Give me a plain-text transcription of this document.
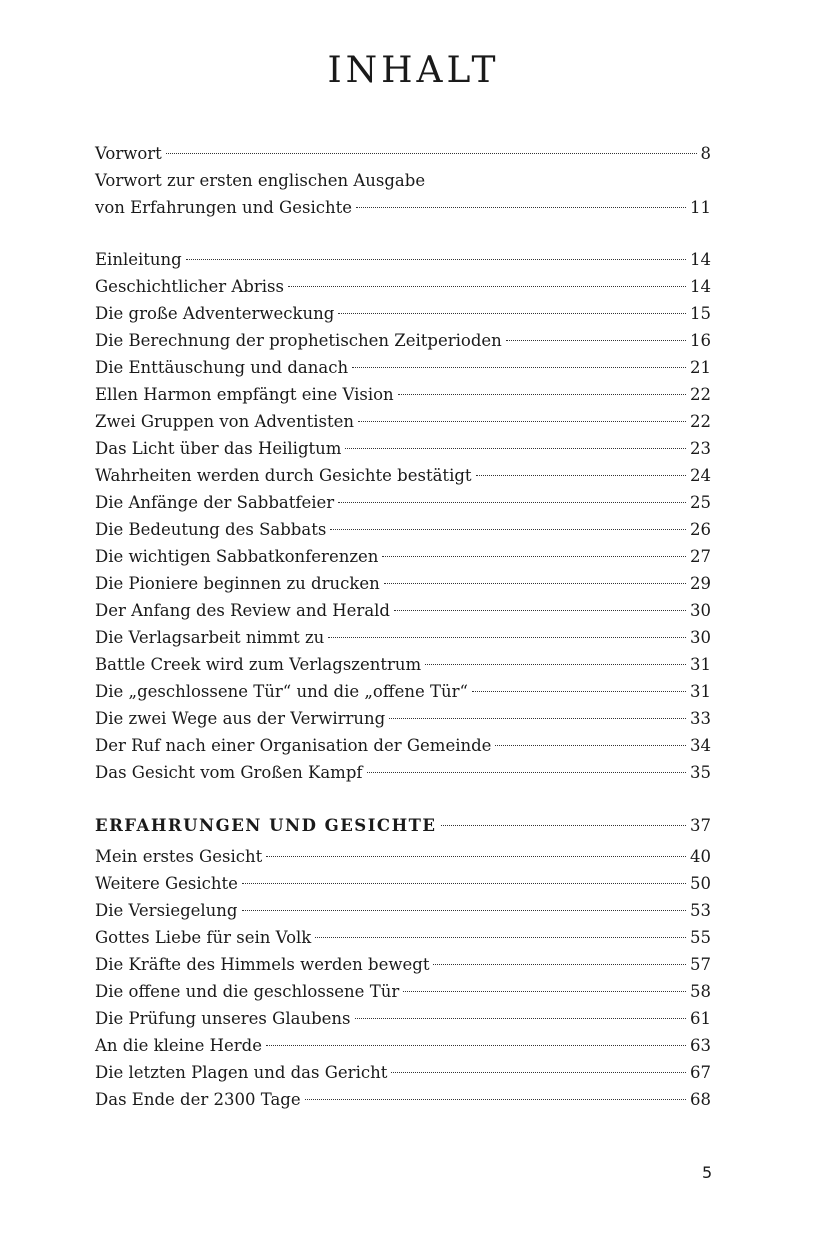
INHALT
Vorwort	8
Vorwort zur ersten englischen Ausgabe
von Erfahrungen und Gesichte	11
Einleitung	14
Geschichtlicher Abriss	14
Die große Adventerweckung	15
Die Berechnung der prophetischen Zeitperioden	16
Die Enttäuschung und danach	21
Ellen Harmon empfängt eine Vision	22
Zwei Gruppen von Adventisten	22
Das Licht über das Heiligtum	23
Wahrheiten werden durch Gesichte bestätigt	24
Die Anfänge der Sabbatfeier	25
Die Bedeutung des Sabbats	26
Die wichtigen Sabbatkonferenzen	27
Die Pioniere beginnen zu drucken	29
Der Anfang des Review and Herald	30
Die Verlagsarbeit nimmt zu	30
Battle Creek wird zum Verlagszentrum	31
Die „geschlossene Tür“ und die „offene Tür“	31
Die zwei Wege aus der Verwirrung	33
Der Ruf nach einer Organisation der Gemeinde	34
Das Gesicht vom Großen Kampf	35
ERFAHRUNGEN UND GESICHTE	37
Mein erstes Gesicht	40
Weitere Gesichte	50
Die Versiegelung	53
Gottes Liebe für sein Volk	55
Die Kräfte des Himmels werden bewegt	57
Die offene und die geschlossene Tür	58
Die Prüfung unseres Glaubens	61
An die kleine Herde	63
Die letzten Plagen und das Gericht	67
Das Ende der 2300 Tage	68
5
